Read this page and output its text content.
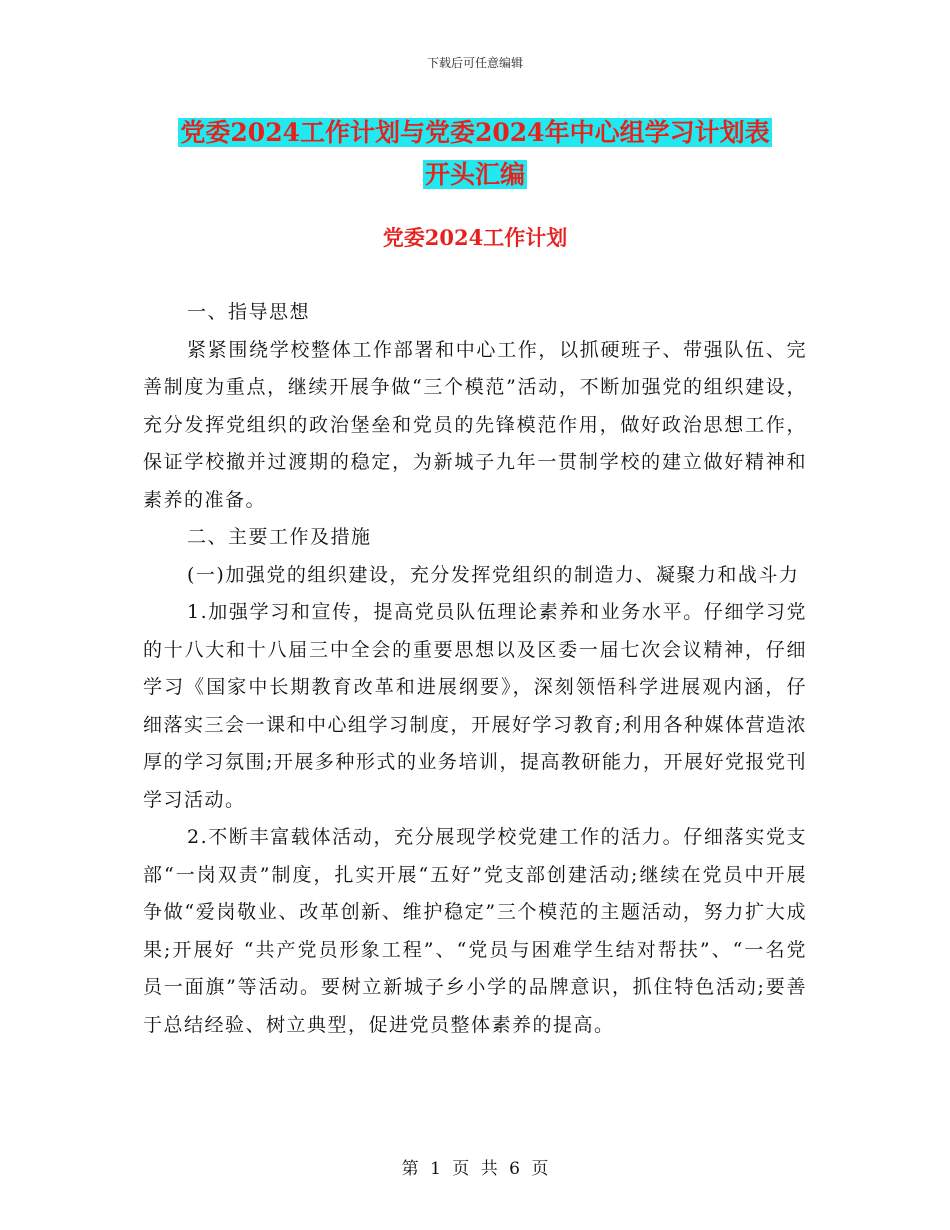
下载后可任意编辑
党委2024工作计划与党委2024年中心组学习计划表
开头汇编
党委2024工作计划

一、指导思想

紧紧围绕学校整体工作部署和中心工作，以抓硬班子、带强队伍、完善制度为重点，继续开展争做“三个模范”活动，不断加强党的组织建设，充分发挥党组织的政治堡垒和党员的先锋模范作用，做好政治思想工作，保证学校撤并过渡期的稳定，为新城子九年一贯制学校的建立做好精神和素养的准备。

二、主要工作及措施

(一)加强党的组织建设，充分发挥党组织的制造力、凝聚力和战斗力

1.加强学习和宣传，提高党员队伍理论素养和业务水平。仔细学习党的十八大和十八届三中全会的重要思想以及区委一届七次会议精神，仔细学习《国家中长期教育改革和进展纲要》，深刻领悟科学进展观内涵，仔细落实三会一课和中心组学习制度，开展好学习教育;利用各种媒体营造浓厚的学习氛围;开展多种形式的业务培训，提高教研能力，开展好党报党刊学习活动。

2.不断丰富载体活动，充分展现学校党建工作的活力。仔细落实党支部“一岗双责”制度，扎实开展“五好”党支部创建活动;继续在党员中开展争做“爱岗敬业、改革创新、维护稳定”三个模范的主题活动，努力扩大成果;开展好 “共产党员形象工程”、“党员与困难学生结对帮扶”、“一名党员一面旗”等活动。要树立新城子乡小学的品牌意识，抓住特色活动;要善于总结经验、树立典型，促进党员整体素养的提高。

第 1 页 共 6 页
